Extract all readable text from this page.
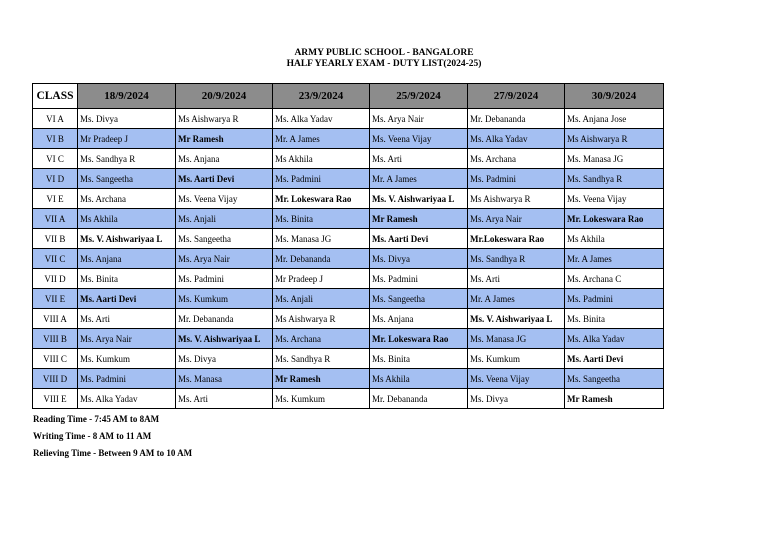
ARMY PUBLIC SCHOOL - BANGALORE
HALF YEARLY EXAM - DUTY LIST(2024-25)
CLASS	18/9/2024	20/9/2024	23/9/2024	25/9/2024	27/9/2024	30/9/2024
VI A	Ms. Divya	Ms Aishwarya R	Ms. Alka Yadav	Ms. Arya Nair	Mr. Debananda	Ms. Anjana Jose
VI B	Mr Pradeep J	Mr Ramesh	Mr. A James	Ms. Veena Vijay	Ms. Alka Yadav	Ms Aishwarya R
VI C	Ms. Sandhya R	Ms. Anjana	Ms Akhila	Ms. Arti	Ms. Archana	Ms. Manasa JG
VI D	Ms. Sangeetha	Ms. Aarti Devi	Ms. Padmini	Mr. A James	Ms. Padmini	Ms. Sandhya R
VI E	Ms. Archana	Ms. Veena Vijay	Mr. Lokeswara Rao	Ms. V. Aishwariyaa L	Ms Aishwarya R	Ms. Veena Vijay
VII A	Ms Akhila	Ms. Anjali	Ms. Binita	Mr Ramesh	Ms. Arya Nair	Mr. Lokeswara Rao
VII B	Ms. V. Aishwariyaa L	Ms. Sangeetha	Ms. Manasa JG	Ms. Aarti Devi	Mr.Lokeswara Rao	Ms Akhila
VII C	Ms. Anjana	Ms. Arya Nair	Mr. Debananda	Ms. Divya	Ms. Sandhya R	Mr. A James
VII D	Ms. Binita	Ms. Padmini	Mr Pradeep J	Ms. Padmini	Ms. Arti	Ms. Archana C
VII E	Ms. Aarti Devi	Ms. Kumkum	Ms. Anjali	Ms. Sangeetha	Mr. A James	Ms. Padmini
VIII A	Ms. Arti	Mr. Debananda	Ms Aishwarya R	Ms. Anjana	Ms. V. Aishwariyaa L	Ms. Binita
VIII B	Ms. Arya Nair	Ms. V. Aishwariyaa L	Ms. Archana	Mr. Lokeswara Rao	Ms. Manasa JG	Ms. Alka Yadav
VIII C	Ms. Kumkum	Ms. Divya	Ms. Sandhya R	Ms. Binita	Ms. Kumkum	Ms. Aarti Devi
VIII D	Ms. Padmini	Ms. Manasa	Mr Ramesh	Ms Akhila	Ms. Veena Vijay	Ms. Sangeetha
VIII E	Ms. Alka Yadav	Ms. Arti	Ms. Kumkum	Mr. Debananda	Ms. Divya	Mr Ramesh
Reading Time - 7:45 AM to 8AM
Writing Time - 8 AM to 11 AM
Relieving Time - Between 9 AM to 10 AM
